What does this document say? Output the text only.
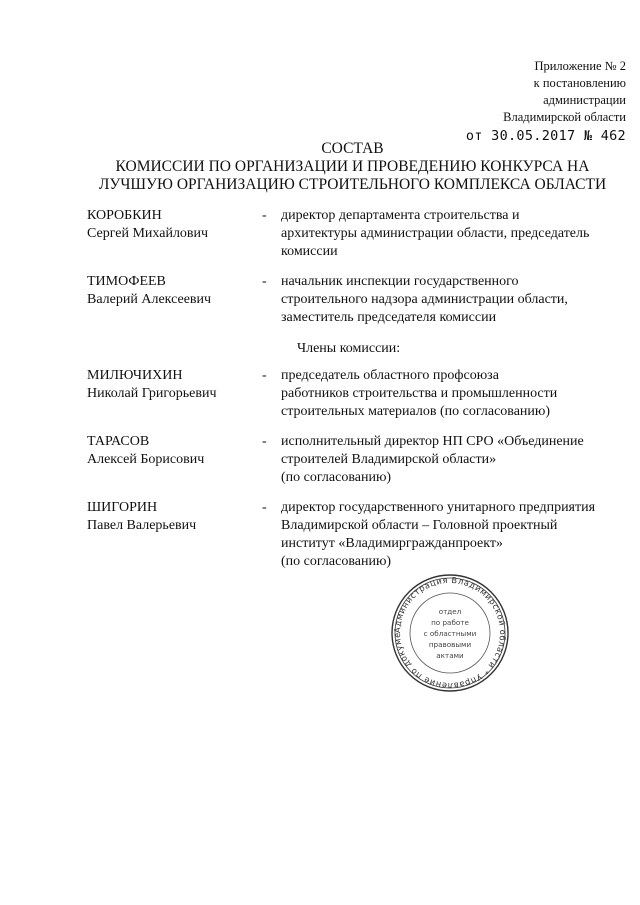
Приложение № 2
к постановлению
администрации
Владимирской области
от 30.05.2017 № 462
СОСТАВ
КОМИССИИ ПО ОРГАНИЗАЦИИ И ПРОВЕДЕНИЮ КОНКУРСА НА
ЛУЧШУЮ ОРГАНИЗАЦИЮ СТРОИТЕЛЬНОГО КОМПЛЕКСА ОБЛАСТИ
КОРОБКИН
Сергей Михайлович
-	директор департамента строительства и
архитектуры администрации области, председатель
комиссии
ТИМОФЕЕВ
Валерий Алексеевич
-	начальник инспекции государственного
строительного надзора администрации области,
заместитель председателя комиссии
Члены комиссии:
МИЛЮЧИХИН
Николай Григорьевич
-	председатель областного профсоюза
работников строительства и промышленности
строительных материалов (по согласованию)
ТАРАСОВ
Алексей Борисович
-	исполнительный директор НП СРО «Объединение
строителей Владимирской области»
(по согласованию)
ШИГОРИН
Павел Валерьевич
-	директор государственного унитарного предприятия
Владимирской области – Головной проектный
институт «Владимиргражданпроект»
(по согласованию)
Администрация Владимирской области * Управление по докуме
отдел
по работе
с областными
правовыми
актами
